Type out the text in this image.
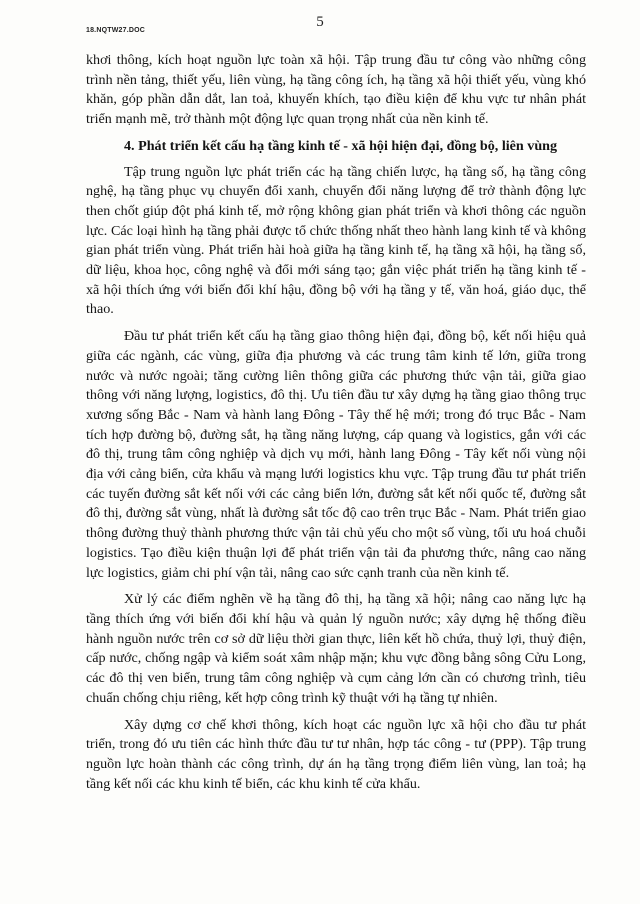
18.NQTW27.DOC
5

khơi thông, kích hoạt nguồn lực toàn xã hội. Tập trung đầu tư công vào những công trình nền tảng, thiết yếu, liên vùng, hạ tầng công ích, hạ tầng xã hội thiết yếu, vùng khó khăn, góp phần dẫn dắt, lan toả, khuyến khích, tạo điều kiện để khu vực tư nhân phát triển mạnh mẽ, trở thành một động lực quan trọng nhất của nền kinh tế.

4. Phát triển kết cấu hạ tầng kinh tế - xã hội hiện đại, đồng bộ, liên vùng

Tập trung nguồn lực phát triển các hạ tầng chiến lược, hạ tầng số, hạ tầng công nghệ, hạ tầng phục vụ chuyển đổi xanh, chuyển đổi năng lượng để trở thành động lực then chốt giúp đột phá kinh tế, mở rộng không gian phát triển và khơi thông các nguồn lực. Các loại hình hạ tầng phải được tổ chức thống nhất theo hành lang kinh tế và không gian phát triển vùng. Phát triển hài hoà giữa hạ tầng kinh tế, hạ tầng xã hội, hạ tầng số, dữ liệu, khoa học, công nghệ và đổi mới sáng tạo; gắn việc phát triển hạ tầng kinh tế - xã hội thích ứng với biến đổi khí hậu, đồng bộ với hạ tầng y tế, văn hoá, giáo dục, thể thao.

Đầu tư phát triển kết cấu hạ tầng giao thông hiện đại, đồng bộ, kết nối hiệu quả giữa các ngành, các vùng, giữa địa phương và các trung tâm kinh tế lớn, giữa trong nước và nước ngoài; tăng cường liên thông giữa các phương thức vận tải, giữa giao thông với năng lượng, logistics, đô thị. Ưu tiên đầu tư xây dựng hạ tầng giao thông trục xương sống Bắc - Nam và hành lang Đông - Tây thế hệ mới; trong đó trục Bắc - Nam tích hợp đường bộ, đường sắt, hạ tầng năng lượng, cáp quang và logistics, gắn với các đô thị, trung tâm công nghiệp và dịch vụ mới, hành lang Đông - Tây kết nối vùng nội địa với cảng biển, cửa khẩu và mạng lưới logistics khu vực. Tập trung đầu tư phát triển các tuyến đường sắt kết nối với các cảng biển lớn, đường sắt kết nối quốc tế, đường sắt đô thị, đường sắt vùng, nhất là đường sắt tốc độ cao trên trục Bắc - Nam. Phát triển giao thông đường thuỷ thành phương thức vận tải chủ yếu cho một số vùng, tối ưu hoá chuỗi logistics. Tạo điều kiện thuận lợi để phát triển vận tải đa phương thức, nâng cao năng lực logistics, giảm chi phí vận tải, nâng cao sức cạnh tranh của nền kinh tế.

Xử lý các điểm nghẽn về hạ tầng đô thị, hạ tầng xã hội; nâng cao năng lực hạ tầng thích ứng với biến đổi khí hậu và quản lý nguồn nước; xây dựng hệ thống điều hành nguồn nước trên cơ sở dữ liệu thời gian thực, liên kết hồ chứa, thuỷ lợi, thuỷ điện, cấp nước, chống ngập và kiểm soát xâm nhập mặn; khu vực đồng bằng sông Cửu Long, các đô thị ven biển, trung tâm công nghiệp và cụm cảng lớn cần có chương trình, tiêu chuẩn chống chịu riêng, kết hợp công trình kỹ thuật với hạ tầng tự nhiên.

Xây dựng cơ chế khơi thông, kích hoạt các nguồn lực xã hội cho đầu tư phát triển, trong đó ưu tiên các hình thức đầu tư tư nhân, hợp tác công - tư (PPP). Tập trung nguồn lực hoàn thành các công trình, dự án hạ tầng trọng điểm liên vùng, lan toả; hạ tầng kết nối các khu kinh tế biển, các khu kinh tế cửa khẩu.
